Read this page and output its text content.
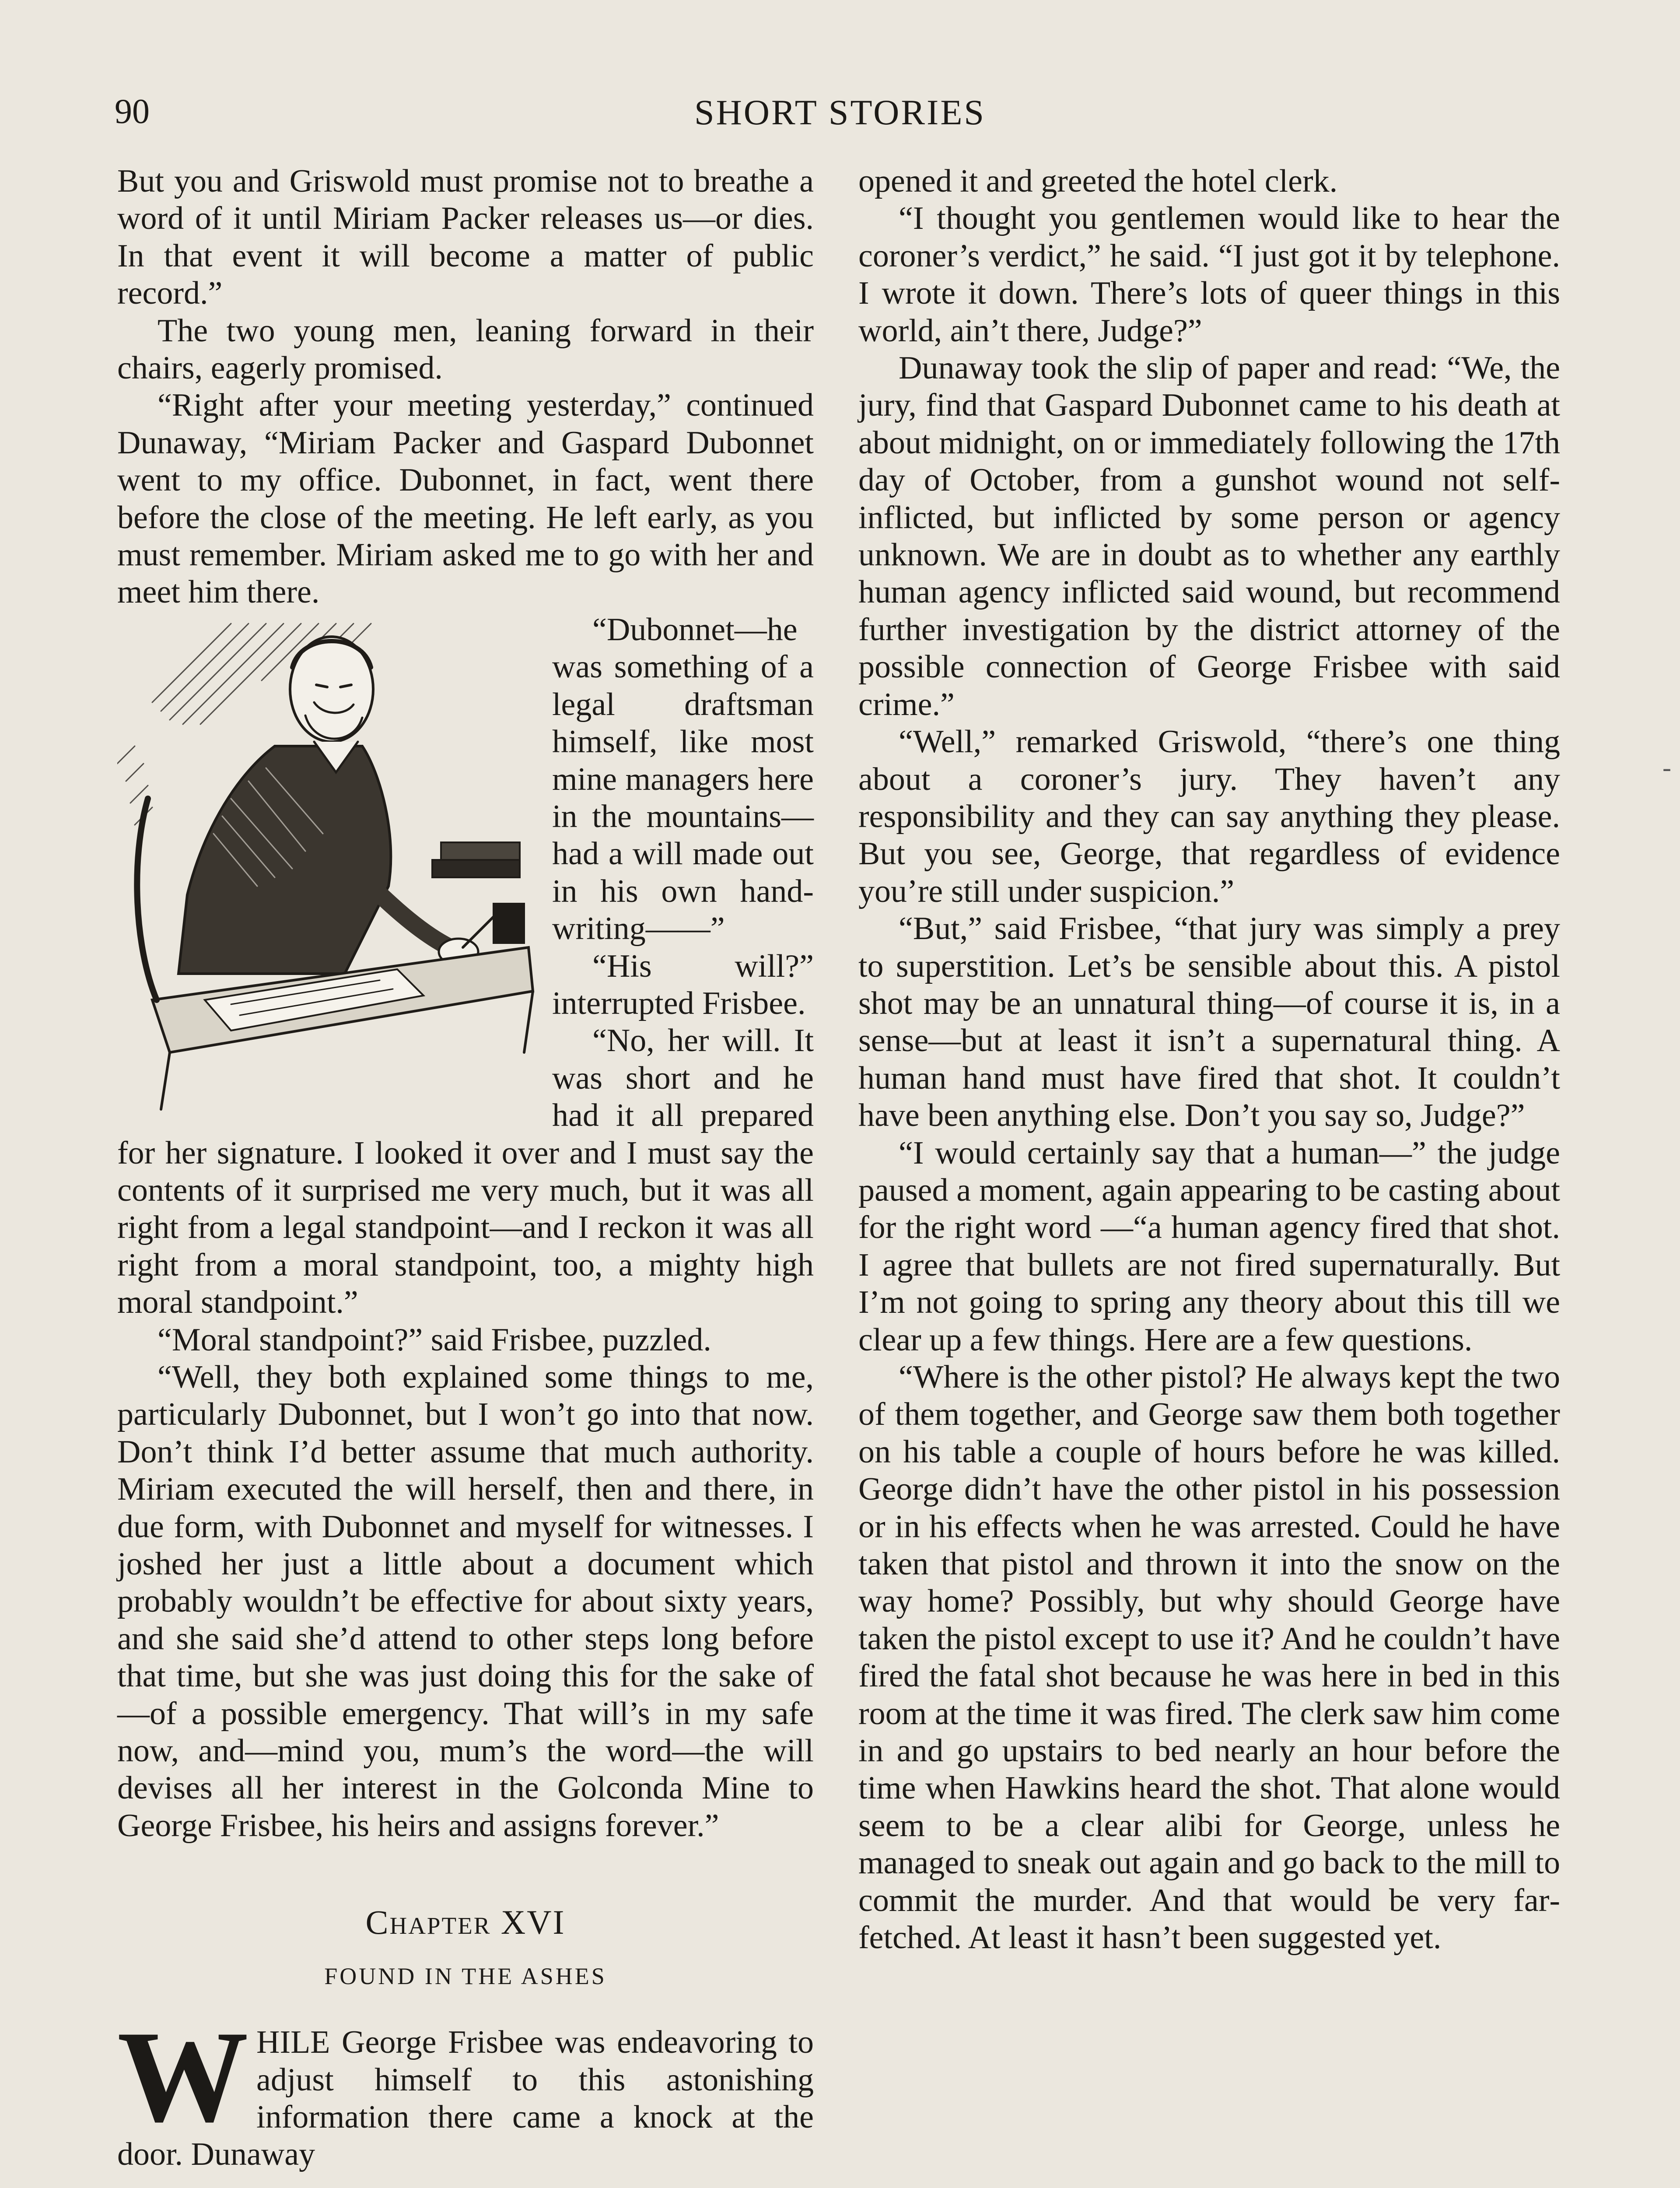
90	SHORT STORIES

But you and Griswold must promise not to breathe a word of it until Miriam Packer releases us—or dies. In that event it will become a matter of public record.”

The two young men, leaning forward in their chairs, eagerly promised.

“Right after your meeting yesterday,” continued Dunaway, “Miriam Packer and Gaspard Dubonnet went to my office. Dubonnet, in fact, went there before the close of the meeting. He left early, as you must remember. Miriam asked me to go with her and meet him there.

“Dubonnet—he was something of a legal draftsman himself, like most mine managers here in the mountains—had a will made out in his own handwriting——”

“His will?” interrupted Frisbee.

“No, her will. It was short and he had it all prepared for her signature. I looked it over and I must say the contents of it surprised me very much, but it was all right from a legal standpoint—and I reckon it was all right from a moral standpoint, too, a mighty high moral standpoint.”

“Moral standpoint?” said Frisbee, puzzled.

“Well, they both explained some things to me, particularly Dubonnet, but I won’t go into that now. Don’t think I’d better assume that much authority. Miriam executed the will herself, then and there, in due form, with Dubonnet and myself for witnesses. I joshed her just a little about a document which probably wouldn’t be effective for about sixty years, and she said she’d attend to other steps long before that time, but she was just doing this for the sake of—of a possible emergency. That will’s in my safe now, and—mind you, mum’s the word—the will devises all her interest in the Golconda Mine to George Frisbee, his heirs and assigns forever.”

Chapter XVI
FOUND IN THE ASHES

WHILE George Frisbee was endeavoring to adjust himself to this astonishing information there came a knock at the door. Dunaway

opened it and greeted the hotel clerk.

“I thought you gentlemen would like to hear the coroner’s verdict,” he said. “I just got it by telephone. I wrote it down. There’s lots of queer things in this world, ain’t there, Judge?”

Dunaway took the slip of paper and read: “We, the jury, find that Gaspard Dubonnet came to his death at about midnight, on or immediately following the 17th day of October, from a gunshot wound not self-inflicted, but inflicted by some person or agency unknown. We are in doubt as to whether any earthly human agency inflicted said wound, but recommend further investigation by the district attorney of the possible connection of George Frisbee with said crime.”

“Well,” remarked Griswold, “there’s one thing about a coroner’s jury. They haven’t any responsibility and they can say anything they please. But you see, George, that regardless of evidence you’re still under suspicion.”

“But,” said Frisbee, “that jury was simply a prey to superstition. Let’s be sensible about this. A pistol shot may be an unnatural thing—of course it is, in a sense—but at least it isn’t a supernatural thing. A human hand must have fired that shot. It couldn’t have been anything else. Don’t you say so, Judge?”

“I would certainly say that a human—” the judge paused a moment, again appearing to be casting about for the right word —“a human agency fired that shot. I agree that bullets are not fired supernaturally. But I’m not going to spring any theory about this till we clear up a few things. Here are a few questions.

“Where is the other pistol? He always kept the two of them together, and George saw them both together on his table a couple of hours before he was killed. George didn’t have the other pistol in his possession or in his effects when he was arrested. Could he have taken that pistol and thrown it into the snow on the way home? Possibly, but why should George have taken the pistol except to use it? And he couldn’t have fired the fatal shot because he was here in bed in this room at the time it was fired. The clerk saw him come in and go upstairs to bed nearly an hour before the time when Hawkins heard the shot. That alone would seem to be a clear alibi for George, unless he managed to sneak out again and go back to the mill to commit the murder. And that would be very farfetched. At least it hasn’t been suggested yet.

-
